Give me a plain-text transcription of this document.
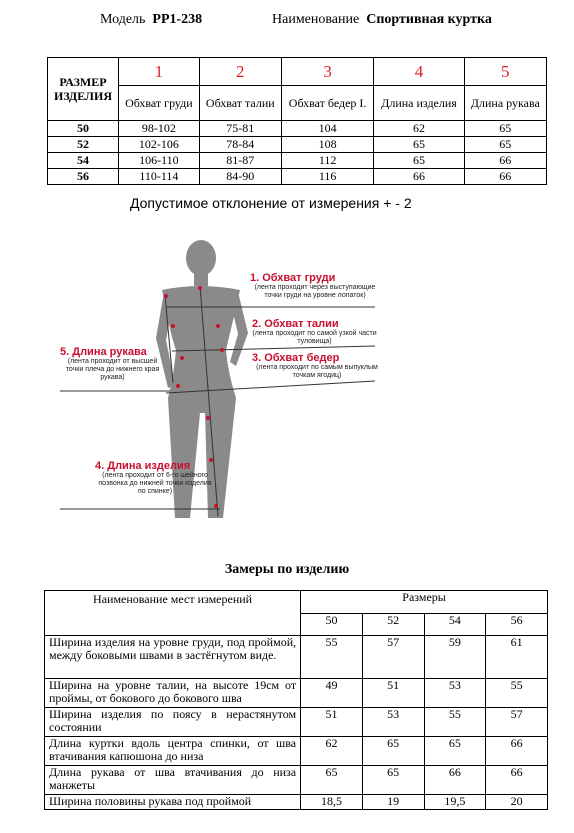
Модель PP1-238	Наименование Спортивная куртка
РАЗМЕР ИЗДЕЛИЯ	1	2	3	4	5
	Обхват груди	Обхват талии	Обхват бедер I.	Длина изделия	Длина рукава
50	98-102	75-81	104	62	65
52	102-106	78-84	108	65	65
54	106-110	81-87	112	65	66
56	110-114	84-90	116	66	66
Допустимое отклонение от измерения + - 2
1. Обхват груди
(лента проходит через выступающие точки груди на уровне лопаток)
2. Обхват талии
(лента проходит по самой узкой части туловища)
3. Обхват бедер
(лента проходит по самым выпуклым точкам ягодиц)
5. Длина рукава
(лента проходит от высшей точки плеча до нижнего края рукава)
4. Длина изделия
(лента проходит от 6-го шейного позвонка до нижней точки изделия по спинке)
Замеры по изделию
Наименование мест измерений	Размеры			
	50	52	54	56
Ширина изделия на уровне груди, под проймой, между боковыми швами в застёгнутом виде.	55	57	59	61
Ширина на уровне талии, на высоте 19см от проймы, от бокового до бокового шва	49	51	53	55
Ширина изделия по поясу в нерастянутом состоянии	51	53	55	57
Длина куртки вдоль центра спинки, от шва втачивания капюшона до низа	62	65	65	66
Длина рукава от шва втачивания до низа манжеты	65	65	66	66
Ширина половины рукава под проймой	18,5	19	19,5	20
